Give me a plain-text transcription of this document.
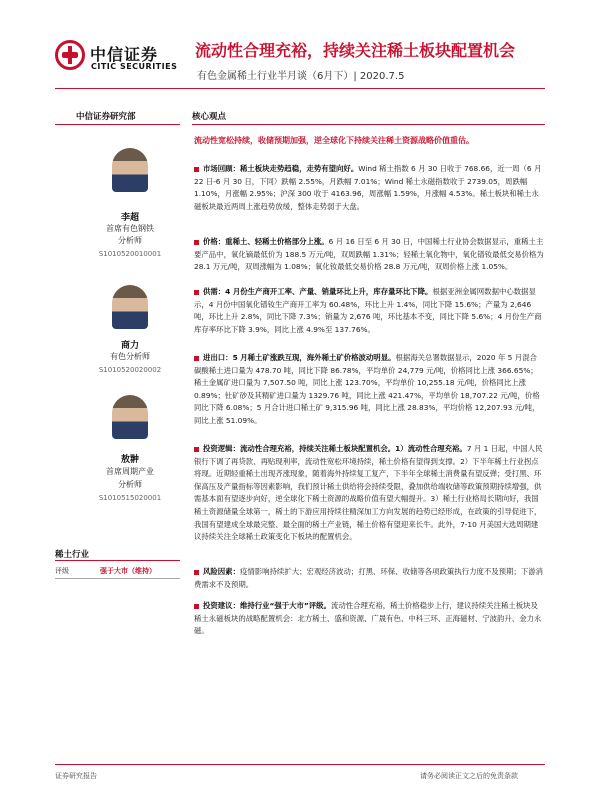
中信证券
CITIC SECURITIES
流动性合理充裕，持续关注稀土板块配置机会
有色金属稀土行业半月谈（6月下）| 2020.7.5
中信证券研究部
李超
首席有色钢铁
分析师
S1010520010001
商力
有色分析师
S1010520020002
敖翀
首席周期产业
分析师
S1010515020001
稀土行业
评级	强于大市（维持）
核心观点
流动性宽松持续，收储预期加强，逆全球化下持续关注稀土资源战略价值重估。
市场回顾：稀土板块走势趋稳，走势有望向好。Wind 稀土指数 6 月 30 日收于 768.66，近一周（6 月 22 日-6 月 30 日，下同）跌幅 2.55%，月跌幅 7.01%；Wind 稀土永磁指数收于 2739.05，周跌幅 1.10%，月涨幅 2.95%；沪深 300 收于 4163.96，周涨幅 1.59%，月涨幅 4.53%。稀土板块和稀土永磁板块最近两周上涨趋势放缓，整体走势弱于大盘。
价格：重稀土、轻稀土价格部分上涨。6 月 16 日至 6 月 30 日，中国稀土行业协会数据显示，重稀土主要产品中，氧化镝最低价为 188.5 万元/吨，双周跌幅 1.31%；轻稀土氧化物中，氧化镨钕最低交易价格为 28.1 万元/吨，双周涨幅为 1.08%；氧化钕最低交易价格 28.8 万元/吨，双周价格上涨 1.05%。
供需：4 月份生产商开工率、产量、销量环比上升，库存量环比下降。根据亚洲金属网数据中心数据显示，4 月份中国氧化镨钕生产商开工率为 60.48%，环比上升 1.4%，同比下降 15.6%；产量为 2,646 吨，环比上升 2.8%，同比下降 7.3%；销量为 2,676 吨，环比基本不变，同比下降 5.6%；4 月份生产商库存率环比下降 3.9%，同比上涨 4.9%至 137.76%。
进出口：5 月稀土矿涨跌互现，海外稀土矿价格波动明显。根据海关总署数据显示，2020 年 5 月混合碳酸稀土进口量为 478.70 吨，同比下降 86.78%，平均单价 24,779 元/吨，价格同比上涨 366.65%；稀土金属矿进口量为 7,507.50 吨，同比上涨 123.70%，平均单价 10,255.18 元/吨，价格同比上涨 0.89%；钍矿砂及其精矿进口量为 1329.76 吨，同比上涨 421.47%，平均单价 18,707.22 元/吨，价格同比下降 6.08%；5 月合计进口稀土矿 9,315.96 吨，同比上涨 28.83%，平均价格 12,207.93 元/吨，同比上涨 51.09%。
投资逻辑：流动性合理充裕，持续关注稀土板块配置机会。1）流动性合理充裕。7 月 1 日起，中国人民银行下调了再贷款、再贴现利率，流动性宽松环境持续，稀土价格有望得到支撑。2）下半年稀土行业拐点将现。近期轻重稀土出现齐涨现象，随着海外持续复工复产，下半年全球稀土消费量有望反弹；受打黑、环保高压及产量指标等因素影响，我们预计稀土供给将会持续受限，叠加供给端收储等政策预期持续增强，供需基本面有望逐步向好，逆全球化下稀土资源的战略价值有望大幅提升。3）稀土行业格局长期向好，我国稀土资源储量全球第一，稀土的下游应用持续往精深加工方向发展的趋势已经形成，在政策的引导促进下，我国有望建成全球最完整、最全面的稀土产业链，稀土价格有望迎来长牛。此外，7-10 月美国大选周期建议持续关注全球稀土政策变化下板块的配置机会。
风险因素：疫情影响持续扩大；宏观经济波动；打黑、环保、收储等各项政策执行力度不及预期；下游消费需求不及预期。
投资建议：维持行业“强于大市”评级。流动性合理充裕，稀土价格稳步上行，建议持续关注稀土板块及稀土永磁板块的战略配置机会：北方稀土、盛和资源、广晟有色、中科三环、正海磁材、宁波韵升、金力永磁。
证券研究报告	请务必阅读正文之后的免责条款
